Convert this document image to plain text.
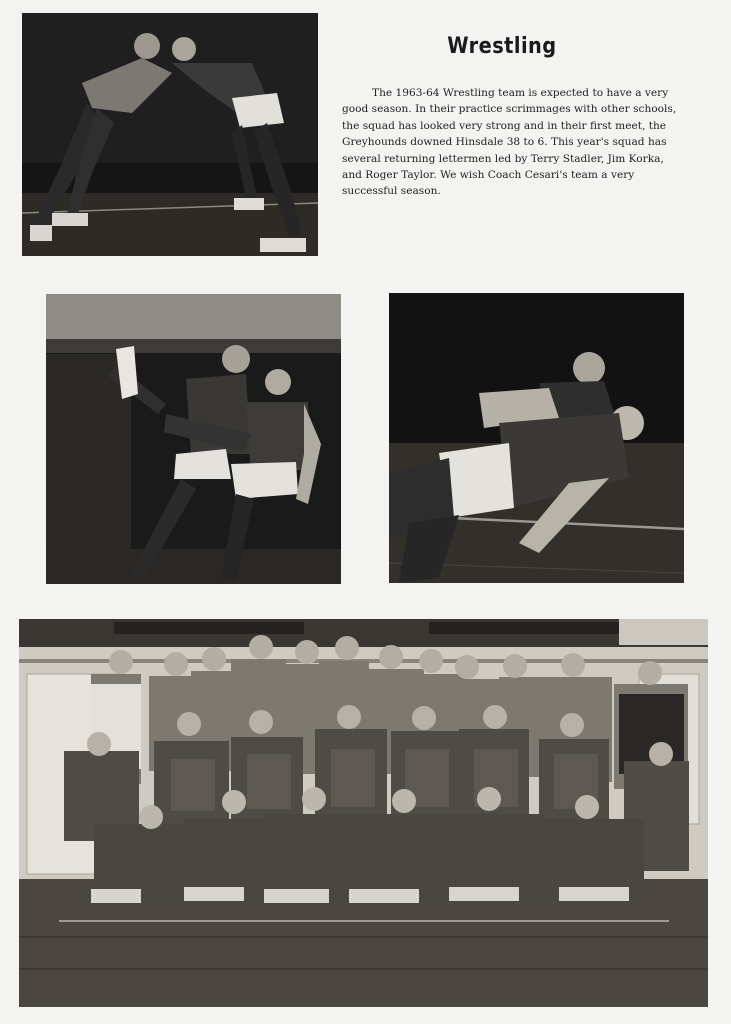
Wrestling
The 1963-64 Wrestling team is expected to have a very good season. In their practice scrimmages with other schools, the squad has looked very strong and in their first meet, the Greyhounds downed Hinsdale 38 to 6. This year's squad has several returning lettermen led by Terry Stadler, Jim Korka, and Roger Taylor. We wish Coach Cesari's team a very successful season.
